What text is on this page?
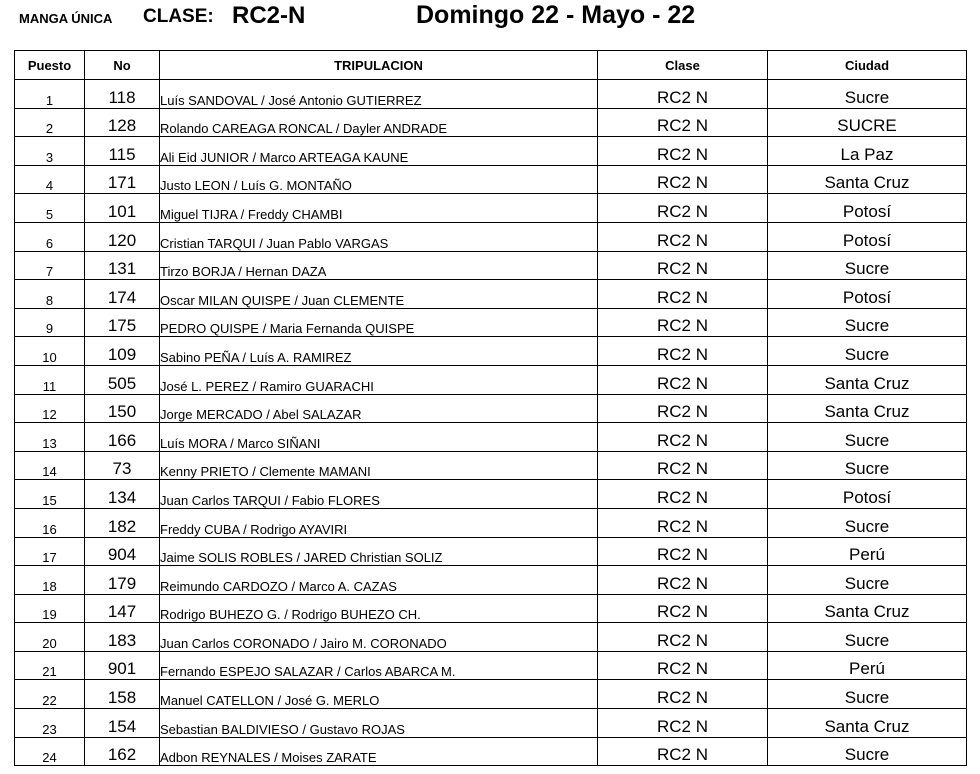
MANGA ÚNICA CLASE: RC2-N	Domingo 22 - Mayo - 22
Puesto	No	TRIPULACION	Clase	Ciudad
1	118	Luís SANDOVAL / José Antonio GUTIERREZ	RC2 N	Sucre
2	128	Rolando CAREAGA RONCAL / Dayler ANDRADE	RC2 N	SUCRE
3	115	Ali Eid JUNIOR / Marco ARTEAGA KAUNE	RC2 N	La Paz
4	171	Justo LEON / Luís G. MONTAÑO	RC2 N	Santa Cruz
5	101	Miguel TIJRA / Freddy CHAMBI	RC2 N	Potosí
6	120	Cristian TARQUI / Juan Pablo VARGAS	RC2 N	Potosí
7	131	Tirzo BORJA / Hernan DAZA	RC2 N	Sucre
8	174	Oscar MILAN QUISPE / Juan CLEMENTE	RC2 N	Potosí
9	175	PEDRO QUISPE / Maria Fernanda QUISPE	RC2 N	Sucre
10	109	Sabino PEÑA / Luís A. RAMIREZ	RC2 N	Sucre
11	505	José L. PEREZ / Ramiro GUARACHI	RC2 N	Santa Cruz
12	150	Jorge MERCADO / Abel SALAZAR	RC2 N	Santa Cruz
13	166	Luís MORA / Marco SIÑANI	RC2 N	Sucre
14	73	Kenny PRIETO / Clemente MAMANI	RC2 N	Sucre
15	134	Juan Carlos TARQUI / Fabio FLORES	RC2 N	Potosí
16	182	Freddy CUBA / Rodrigo AYAVIRI	RC2 N	Sucre
17	904	Jaime SOLIS ROBLES / JARED Christian SOLIZ	RC2 N	Perú
18	179	Reimundo CARDOZO / Marco A. CAZAS	RC2 N	Sucre
19	147	Rodrigo BUHEZO G. / Rodrigo BUHEZO CH.	RC2 N	Santa Cruz
20	183	Juan Carlos CORONADO / Jairo M. CORONADO	RC2 N	Sucre
21	901	Fernando ESPEJO SALAZAR / Carlos ABARCA M.	RC2 N	Perú
22	158	Manuel CATELLON / José G. MERLO	RC2 N	Sucre
23	154	Sebastian BALDIVIESO / Gustavo ROJAS	RC2 N	Santa Cruz
24	162	Adbon REYNALES / Moises ZARATE	RC2 N	Sucre
